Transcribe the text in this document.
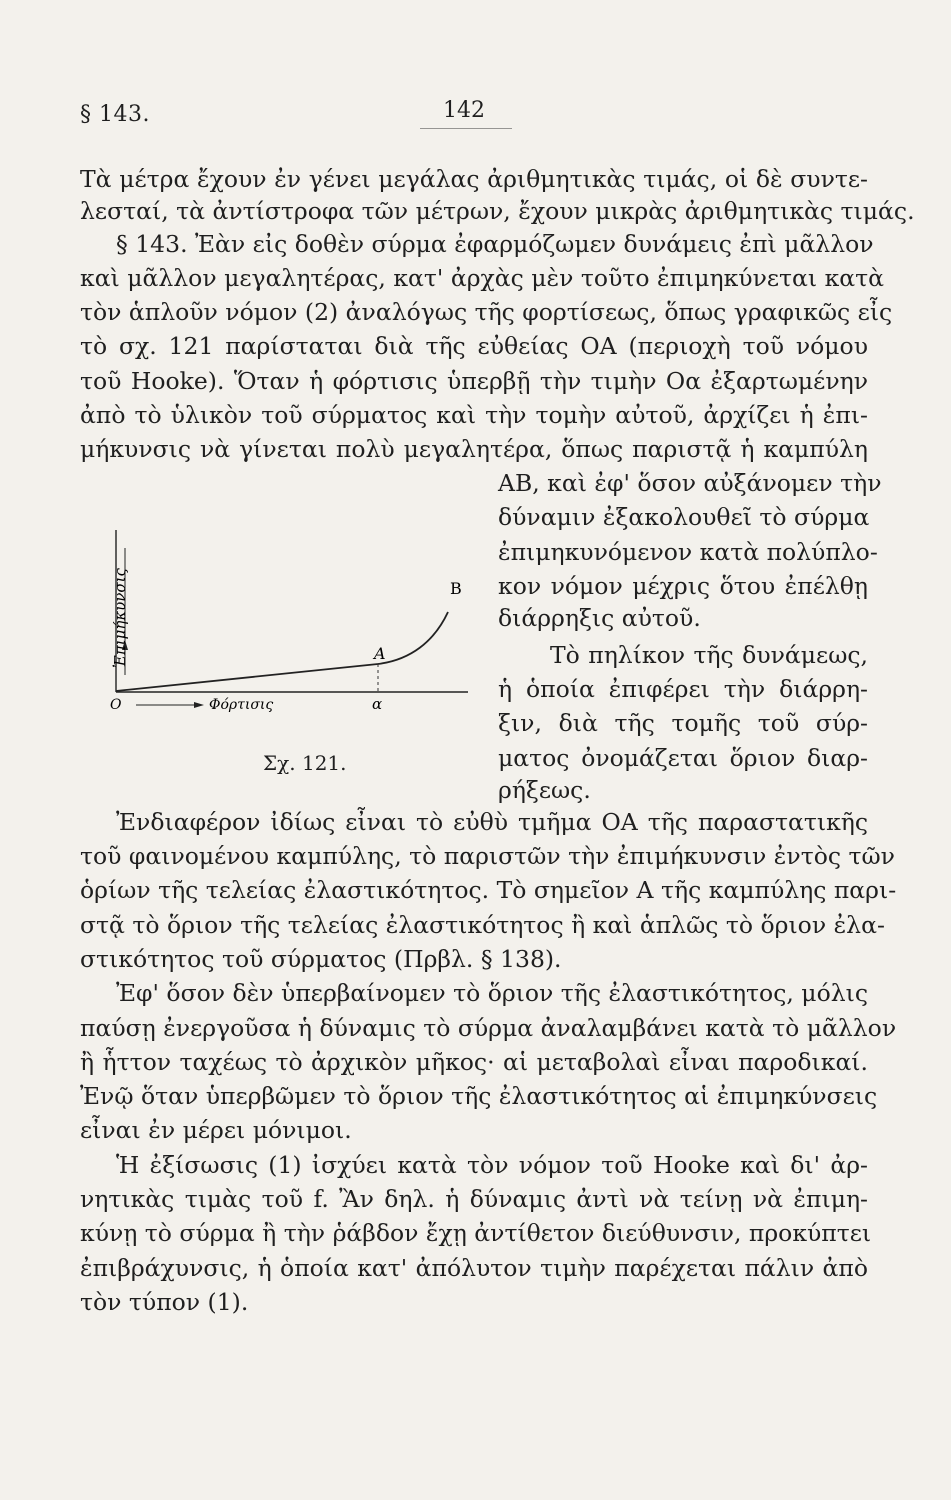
§ 143.	142
Τὰ μέτρα ἔχουν ἐν γένει μεγάλας ἀριθμητικὰς τιμάς, οἱ δὲ συντε-
λεσταί, τὰ ἀντίστροφα τῶν μέτρων, ἔχουν μικρὰς ἀριθμητικὰς τιμάς.
§ 143. Ἐὰν εἰς δοθὲν σύρμα ἐφαρμόζωμεν δυνάμεις ἐπὶ μᾶλλον
καὶ μᾶλλον μεγαλητέρας, κατ' ἀρχὰς μὲν τοῦτο ἐπιμηκύνεται κατὰ
τὸν ἁπλοῦν νόμον (2) ἀναλόγως τῆς φορτίσεως, ὅπως γραφικῶς εἶς
τὸ σχ. 121 παρίσταται διὰ τῆς εὐθείας OA (περιοχὴ τοῦ νόμου
τοῦ Hooke). Ὅταν ἡ φόρτισις ὑπερβῇ τὴν τιμὴν Oα ἐξαρτωμένην
ἀπὸ τὸ ὑλικὸν τοῦ σύρματος καὶ τὴν τομὴν αὐτοῦ, ἀρχίζει ἡ ἐπι-
μήκυνσις νὰ γίνεται πολὺ μεγαλητέρα, ὅπως παριστᾷ ἡ καμπύλη
AB, καὶ ἐφ' ὅσον αὐξάνομεν τὴν
δύναμιν ἐξακολουθεῖ τὸ σύρμα
ἐπιμηκυνόμενον κατὰ πολύπλο-
κον νόμον μέχρις ὅτου ἐπέλθῃ
διάρρηξις αὐτοῦ.
Τὸ πηλίκον τῆς δυνάμεως,
ἡ ὁποία ἐπιφέρει τὴν διάρρη-
ξιν, διὰ τῆς τομῆς τοῦ σύρ-
ματος ὀνομάζεται ὅριον διαρ-
ρήξεως.
Ἐπιμήκυνσις
O	Φόρτισις
A
α
B
Σχ. 121.
Ἐνδιαφέρον ἰδίως εἶναι τὸ εὐθὺ τμῆμα OA τῆς παραστατικῆς
τοῦ φαινομένου καμπύλης, τὸ παριστῶν τὴν ἐπιμήκυνσιν ἐντὸς τῶν
ὁρίων τῆς τελείας ἐλαστικότητος. Τὸ σημεῖον A τῆς καμπύλης παρι-
στᾷ τὸ ὅριον τῆς τελείας ἐλαστικότητος ἢ καὶ ἁπλῶς τὸ ὅριον ἐλα-
στικότητος τοῦ σύρματος (Πρβλ. § 138).
Ἐφ' ὅσον δὲν ὑπερβαίνομεν τὸ ὅριον τῆς ἐλαστικότητος, μόλις
παύσῃ ἐνεργοῦσα ἡ δύναμις τὸ σύρμα ἀναλαμβάνει κατὰ τὸ μᾶλλον
ἢ ἧττον ταχέως τὸ ἀρχικὸν μῆκος· αἱ μεταβολαὶ εἶναι παροδικαί.
Ἐνῷ ὅταν ὑπερβῶμεν τὸ ὅριον τῆς ἐλαστικότητος αἱ ἐπιμηκύνσεις
εἶναι ἐν μέρει μόνιμοι.
Ἡ ἐξίσωσις (1) ἰσχύει κατὰ τὸν νόμον τοῦ Hooke καὶ δι' ἀρ-
νητικὰς τιμὰς τοῦ f. Ἂν δηλ. ἡ δύναμις ἀντὶ νὰ τείνῃ νὰ ἐπιμη-
κύνῃ τὸ σύρμα ἢ τὴν ῥάβδον ἔχῃ ἀντίθετον διεύθυνσιν, προκύπτει
ἐπιβράχυνσις, ἡ ὁποία κατ' ἀπόλυτον τιμὴν παρέχεται πάλιν ἀπὸ
τὸν τύπον (1).
